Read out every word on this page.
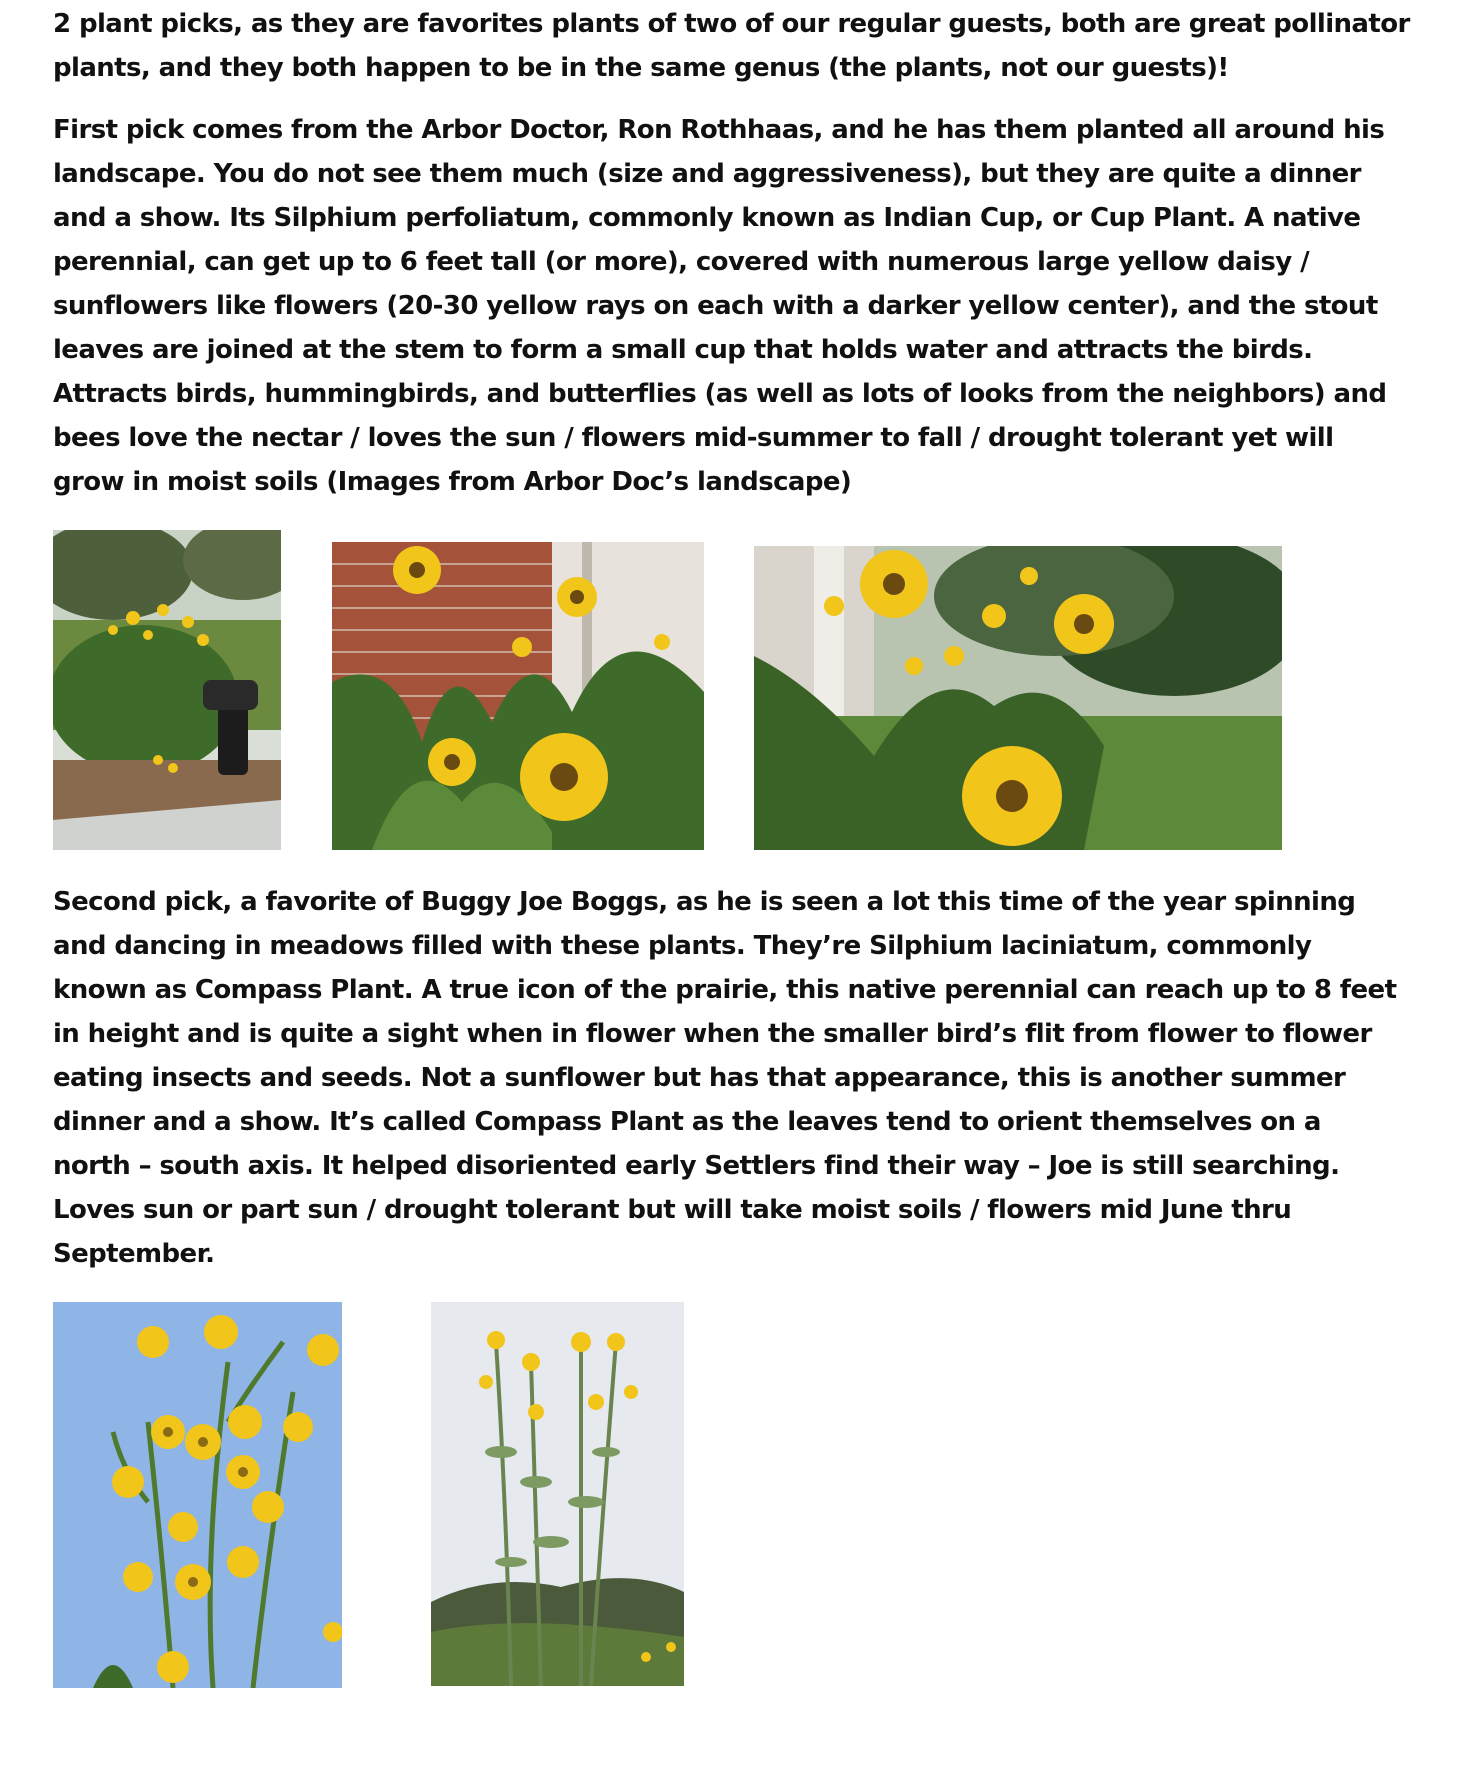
2 plant picks, as they are favorites plants of two of our regular guests, both are great pollinator
plants, and they both happen to be in the same genus (the plants, not our guests)!
First pick comes from the Arbor Doctor, Ron Rothhaas, and he has them planted all around his
landscape. You do not see them much (size and aggressiveness), but they are quite a dinner
and a show. Its Silphium perfoliatum, commonly known as Indian Cup, or Cup Plant. A native
perennial, can get up to 6 feet tall (or more), covered with numerous large yellow daisy /
sunflowers like flowers (20-30 yellow rays on each with a darker yellow center), and the stout
leaves are joined at the stem to form a small cup that holds water and attracts the birds.
Attracts birds, hummingbirds, and butterflies (as well as lots of looks from the neighbors) and
bees love the nectar / loves the sun / flowers mid-summer to fall / drought tolerant yet will
grow in moist soils (Images from Arbor Doc’s landscape)
Second pick, a favorite of Buggy Joe Boggs, as he is seen a lot this time of the year spinning
and dancing in meadows filled with these plants. They’re Silphium laciniatum, commonly
known as Compass Plant. A true icon of the prairie, this native perennial can reach up to 8 feet
in height and is quite a sight when in flower when the smaller bird’s flit from flower to flower
eating insects and seeds. Not a sunflower but has that appearance, this is another summer
dinner and a show. It’s called Compass Plant as the leaves tend to orient themselves on a
north – south axis. It helped disoriented early Settlers find their way – Joe is still searching.
Loves sun or part sun / drought tolerant but will take moist soils / flowers mid June thru
September.
